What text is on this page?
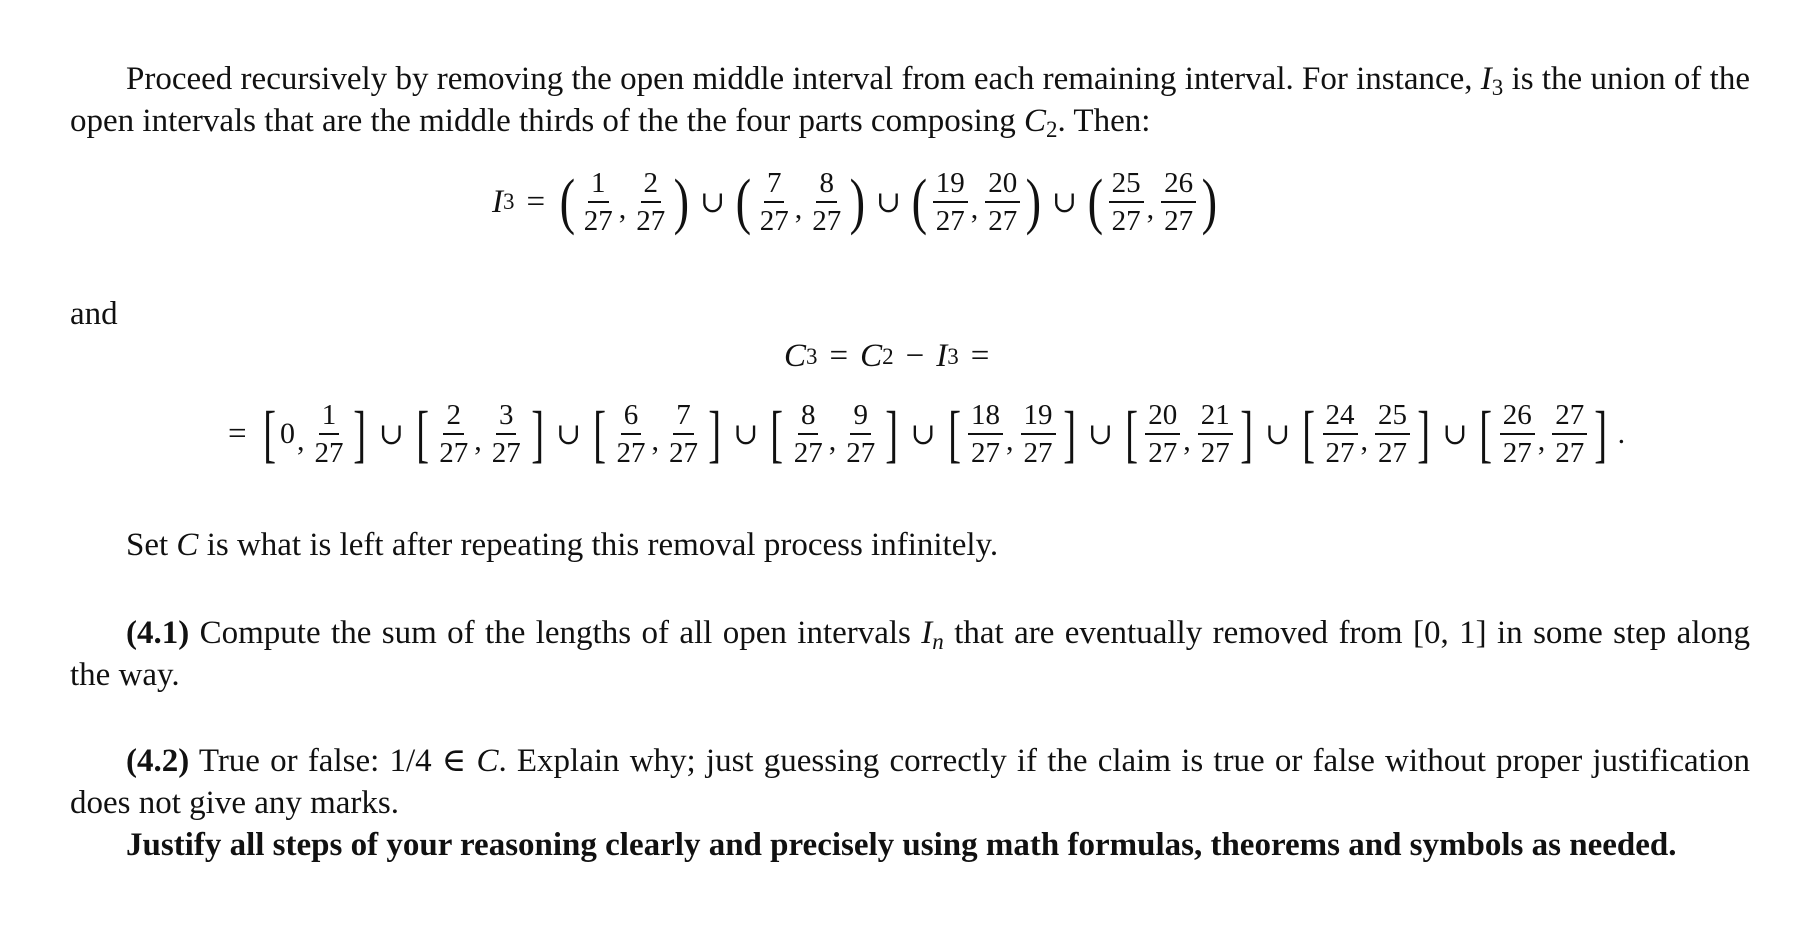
Proceed recursively by removing the open middle interval from each remaining interval. For instance, $I_3$ is the union of the open intervals that are the middle thirds of the the four parts composing $C_2$. Then:
I 3 = ( $\frac{1}{27}$ , $\frac{2}{27}$ ) ∪ ( $\frac{7}{27}$ , $\frac{8}{27}$ ) ∪ ( $\frac{19}{27}$ , $\frac{20}{27}$ ) ∪ ( $\frac{25}{27}$ , $\frac{26}{27}$ )
and
C 3 = C 2 − I 3 =
= [ 0 , $\frac{1}{27}$ ] ∪ [ $\frac{2}{27}$ , $\frac{3}{27}$ ] ∪ [ $\frac{6}{27}$ , $\frac{7}{27}$ ] ∪ [ $\frac{8}{27}$ , $\frac{9}{27}$ ] ∪ [ $\frac{18}{27}$ , $\frac{19}{27}$ ] ∪ [ $\frac{20}{27}$ , $\frac{21}{27}$ ] ∪ [ $\frac{24}{27}$ , $\frac{25}{27}$ ] ∪ [ $\frac{26}{27}$ , $\frac{27}{27}$ ] .
Set C is what is left after repeating this removal process infinitely.
(4.1) Compute the sum of the lengths of all open intervals $I_n$ that are eventually removed from [0, 1] in some step along the way.
(4.2) True or false: 1/4 ∈ C. Explain why; just guessing correctly if the claim is true or false without proper justification does not give any marks.
Justify all steps of your reasoning clearly and precisely using math formulas, theorems and symbols as needed.
